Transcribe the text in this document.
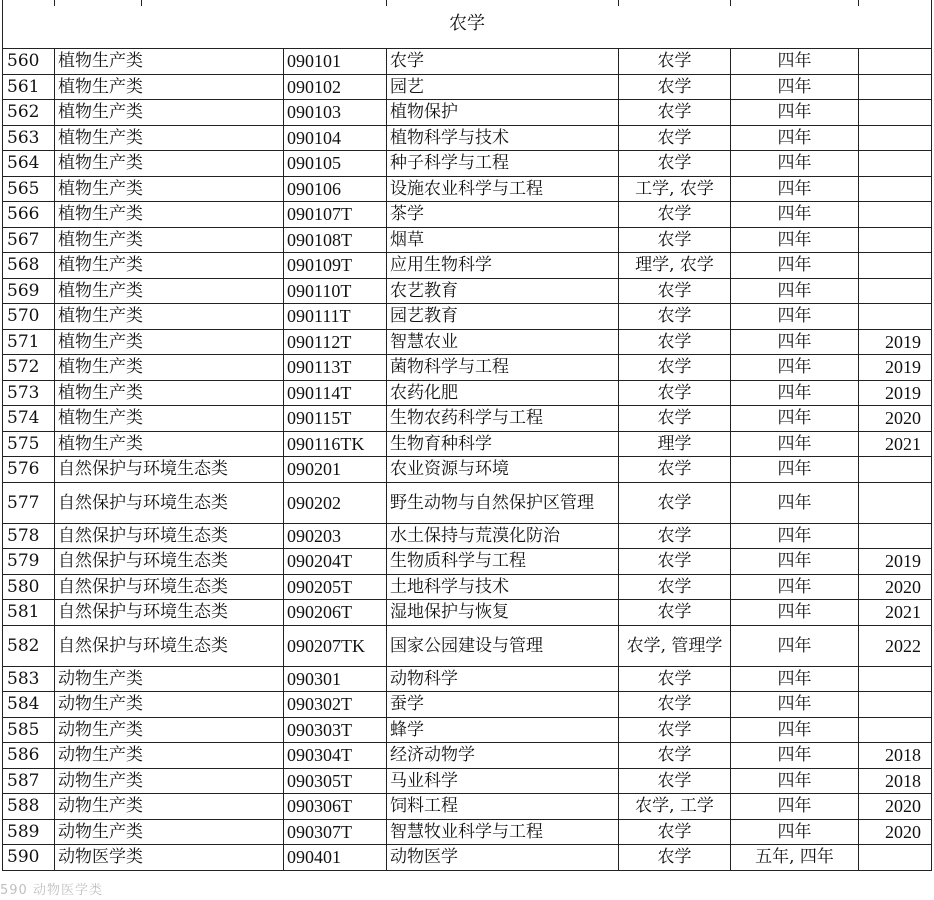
农学						
560	植物生产类	090101	农学	农学	四年	
561	植物生产类	090102	园艺	农学	四年	
562	植物生产类	090103	植物保护	农学	四年	
563	植物生产类	090104	植物科学与技术	农学	四年	
564	植物生产类	090105	种子科学与工程	农学	四年	
565	植物生产类	090106	设施农业科学与工程	工学, 农学	四年	
566	植物生产类	090107T	茶学	农学	四年	
567	植物生产类	090108T	烟草	农学	四年	
568	植物生产类	090109T	应用生物科学	理学, 农学	四年	
569	植物生产类	090110T	农艺教育	农学	四年	
570	植物生产类	090111T	园艺教育	农学	四年	
571	植物生产类	090112T	智慧农业	农学	四年	2019
572	植物生产类	090113T	菌物科学与工程	农学	四年	2019
573	植物生产类	090114T	农药化肥	农学	四年	2019
574	植物生产类	090115T	生物农药科学与工程	农学	四年	2020
575	植物生产类	090116TK	生物育种科学	理学	四年	2021
576	自然保护与环境生态类	090201	农业资源与环境	农学	四年	
577	自然保护与环境生态类	090202	野生动物与自然保护区管理	农学	四年	
578	自然保护与环境生态类	090203	水土保持与荒漠化防治	农学	四年	
579	自然保护与环境生态类	090204T	生物质科学与工程	农学	四年	2019
580	自然保护与环境生态类	090205T	土地科学与技术	农学	四年	2020
581	自然保护与环境生态类	090206T	湿地保护与恢复	农学	四年	2021
582	自然保护与环境生态类	090207TK	国家公园建设与管理	农学, 管理学	四年	2022
583	动物生产类	090301	动物科学	农学	四年	
584	动物生产类	090302T	蚕学	农学	四年	
585	动物生产类	090303T	蜂学	农学	四年	
586	动物生产类	090304T	经济动物学	农学	四年	2018
587	动物生产类	090305T	马业科学	农学	四年	2018
588	动物生产类	090306T	饲料工程	农学, 工学	四年	2020
589	动物生产类	090307T	智慧牧业科学与工程	农学	四年	2020
590	动物医学类	090401	动物医学	农学	五年, 四年	
590 动物医学类
